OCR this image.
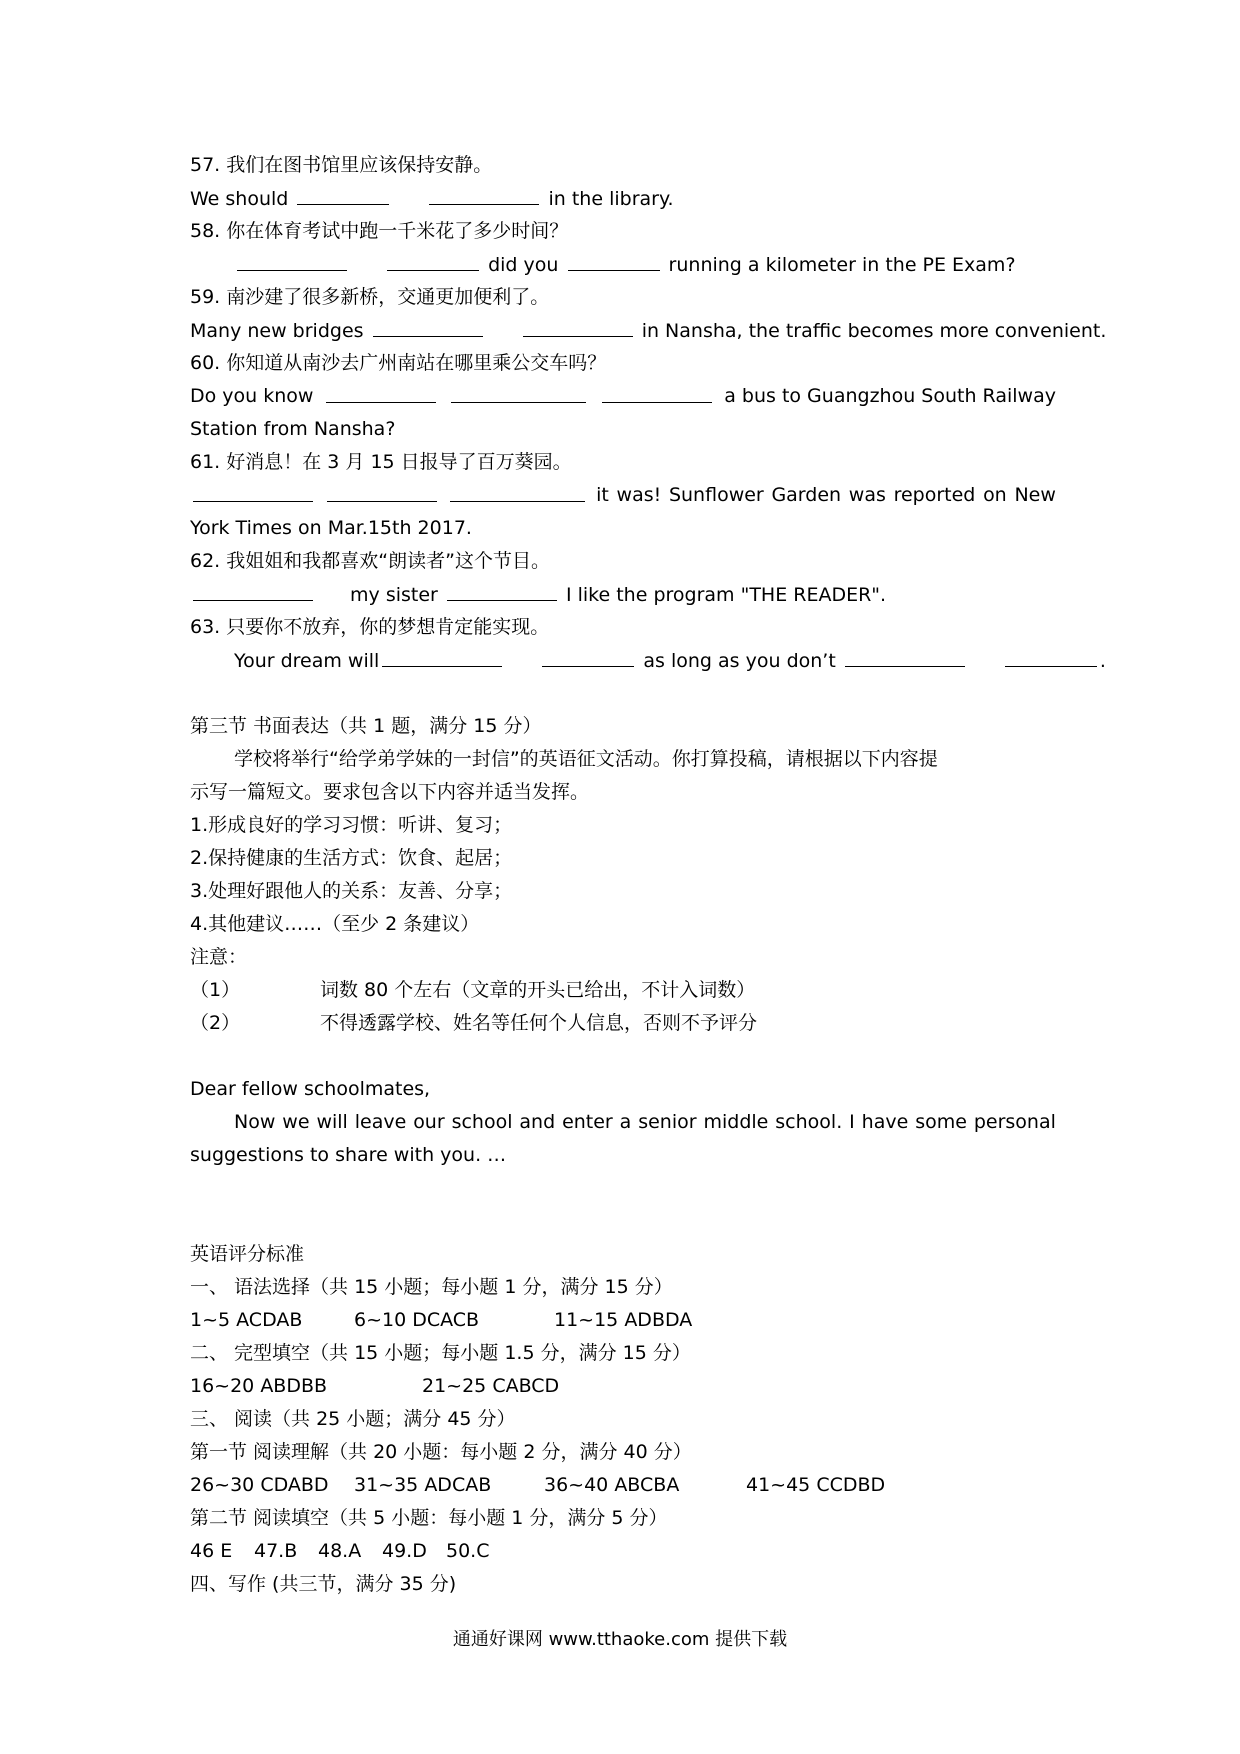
57. 我们在图书馆里应该保持安静。
We should	in the library.
58. 你在体育考试中跑一千米花了多少时间？
did you	running a kilometer in the PE Exam?
59. 南沙建了很多新桥，交通更加便利了。
Many new bridges	in Nansha, the traffic becomes more convenient.
60. 你知道从南沙去广州南站在哪里乘公交车吗？
Do you know	a bus to Guangzhou South Railway
Station from Nansha?
61. 好消息！在 3 月 15 日报导了百万葵园。
it was! Sunflower Garden was reported on New
York Times on Mar.15th 2017.
62. 我姐姐和我都喜欢“朗读者”这个节目。
my sister	I like the program "THE READER".
63. 只要你不放弃，你的梦想肯定能实现。
Your dream will	as long as you don’t	.
第三节 书面表达（共 1 题，满分 15 分）
学校将举行“给学弟学妹的一封信”的英语征文活动。你打算投稿，请根据以下内容提
示写一篇短文。要求包含以下内容并适当发挥。
1.形成良好的学习习惯：听讲、复习；
2.保持健康的生活方式：饮食、起居；
3.处理好跟他人的关系：友善、分享；
4.其他建议……（至少 2 条建议）
注意：
（1）	词数 80 个左右（文章的开头已给出，不计入词数）
（2）	不得透露学校、姓名等任何个人信息，否则不予评分
Dear fellow schoolmates,
Now we will leave our school and enter a senior middle school. I have some personal
suggestions to share with you. …
英语评分标准
一、 语法选择（共 15 小题；每小题 1 分，满分 15 分）
1~5 ACDAB	6~10 DCACB	11~15 ADBDA
二、 完型填空（共 15 小题；每小题 1.5 分，满分 15 分）
16~20 ABDBB	21~25 CABCD
三、 阅读（共 25 小题；满分 45 分）
第一节 阅读理解（共 20 小题：每小题 2 分，满分 40 分）
26~30 CDABD 31~35 ADCAB	36~40 ABCBA	41~45 CCDBD
第二节 阅读填空（共 5 小题：每小题 1 分，满分 5 分）
46 E 47.B 48.A 49.D 50.C
四、写作 (共三节，满分 35 分)
通通好课网 www.tthaoke.com 提供下载
